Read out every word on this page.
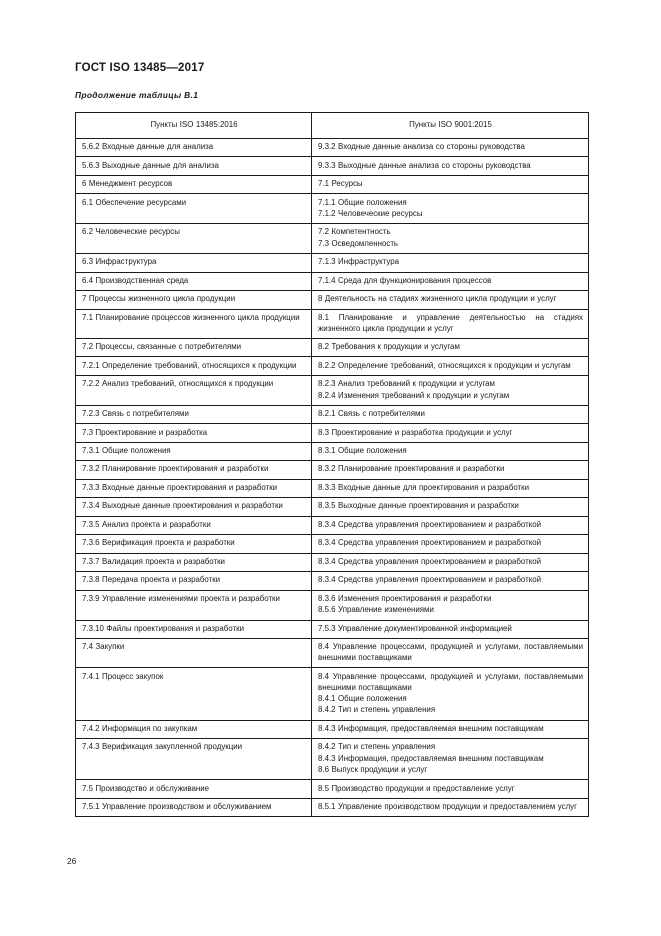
ГОСТ ISO 13485—2017
Продолжение таблицы В.1
Пункты ISO 13485:2016	Пункты ISO 9001:2015

5.6.2 Входные данные для анализа	9.3.2 Входные данные анализа со стороны руководства

5.6.3 Выходные данные для анализа	9.3.3 Выходные данные анализа со стороны руководства

6 Менеджмент ресурсов	7.1 Ресурсы

6.1 Обеспечение ресурсами	7.1.1 Общие положения

7.1.2 Человеческие ресурсы

6.2 Человеческие ресурсы	7.2 Компетентность

7.3 Осведомленность

6.3 Инфраструктура	7.1.3 Инфраструктура

6.4 Производственная среда	7.1.4 Среда для функционирования процессов

7 Процессы жизненного цикла продукции	8 Деятельность на стадиях жизненного цикла продукции и услуг

7.1 Планирование процессов жизненного цикла продукции	8.1 Планирование и управление деятельностью на стадиях жизненного цикла продукции и услуг

7.2 Процессы, связанные с потребителями	8.2 Требования к продукции и услугам

7.2.1 Определение требований, относящихся к продукции	8.2.2 Определение требований, относящихся к продукции и услугам

7.2.2 Анализ требований, относящихся к продукции	8.2.3 Анализ требований к продукции и услугам

8.2.4 Изменения требований к продукции и услугам

7.2.3 Связь с потребителями	8.2.1 Связь с потребителями

7.3 Проектирование и разработка	8.3 Проектирование и разработка продукции и услуг

7.3.1 Общие положения	8.3.1 Общие положения

7.3.2 Планирование проектирования и разработки	8.3.2 Планирование проектирования и разработки

7.3.3 Входные данные проектирования и разработки	8.3.3 Входные данные для проектирования и разработки

7.3.4 Выходные данные проектирования и разработки	8.3.5 Выходные данные проектирования и разработки

7.3.5 Анализ проекта и разработки	8.3.4 Средства управления проектированием и разработкой

7.3.6 Верификация проекта и разработки	8.3.4 Средства управления проектированием и разработкой

7.3.7 Валидация проекта и разработки	8.3.4 Средства управления проектированием и разработкой

7.3.8 Передача проекта и разработки	8.3.4 Средства управления проектированием и разработкой

7.3.9 Управление изменениями проекта и разработки	8.3.6 Изменения проектирования и разработки

8.5.6 Управление изменениями

7.3.10 Файлы проектирования и разработки	7.5.3 Управление документированной информацией

7.4 Закупки	8.4 Управление процессами, продукцией и услугами, поставляемыми внешними поставщиками

7.4.1 Процесс закупок	8.4 Управление процессами, продукцией и услугами, поставляемыми внешними поставщиками

8.4.1 Общие положения

8.4.2 Тип и степень управления

7.4.2 Информация по закупкам	8.4.3 Информация, предоставляемая внешним поставщикам

7.4.3 Верификация закупленной продукции	8.4.2 Тип и степень управления

8.4.3 Информация, предоставляемая внешним поставщикам

8.6 Выпуск продукции и услуг

7.5 Производство и обслуживание	8.5 Производство продукции и предоставление услуг

7.5.1 Управление производством и обслуживанием	8.5.1 Управление производством продукции и предоставлением услуг

26
